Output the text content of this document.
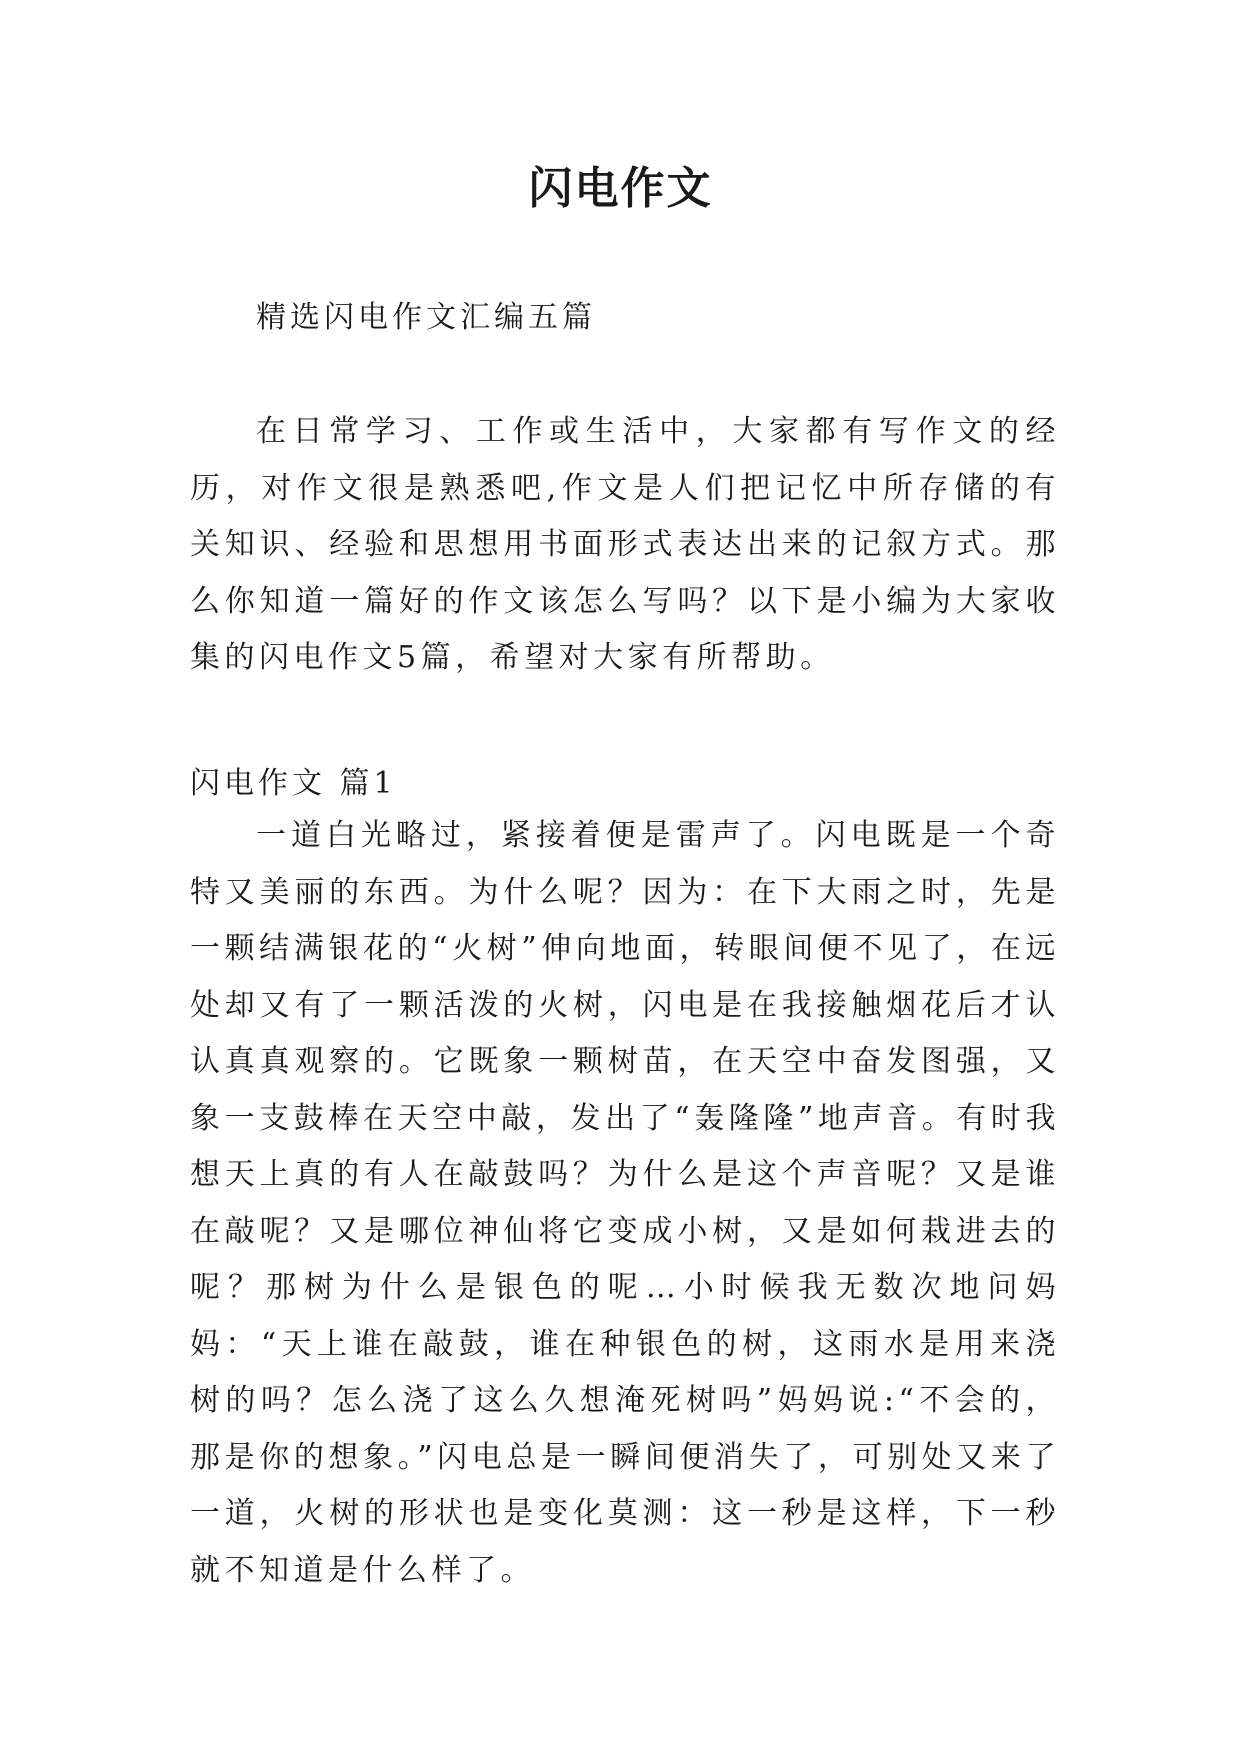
闪电作文

精选闪电作文汇编五篇

在日常学习、工作或生活中，大家都有写作文的经历，对作文很是熟悉吧,作文是人们把记忆中所存储的有关知识、经验和思想用书面形式表达出来的记叙方式。那么你知道一篇好的作文该怎么写吗？以下是小编为大家收集的闪电作文5篇，希望对大家有所帮助。

闪电作文 篇1

一道白光略过，紧接着便是雷声了。闪电既是一个奇特又美丽的东西。为什么呢？因为：在下大雨之时，先是一颗结满银花的“火树”伸向地面，转眼间便不见了，在远处却又有了一颗活泼的火树，闪电是在我接触烟花后才认认真真观察的。它既象一颗树苗，在天空中奋发图强，又象一支鼓棒在天空中敲，发出了“轰隆隆”地声音。有时我想天上真的有人在敲鼓吗？为什么是这个声音呢？又是谁在敲呢？又是哪位神仙将它变成小树，又是如何栽进去的呢？那树为什么是银色的呢…小时候我无数次地问妈妈：“天上谁在敲鼓，谁在种银色的树，这雨水是用来浇树的吗？怎么浇了这么久想淹死树吗”妈妈说:“不会的，那是你的想象。”闪电总是一瞬间便消失了，可别处又来了一道，火树的形状也是变化莫测：这一秒是这样，下一秒就不知道是什么样了。
